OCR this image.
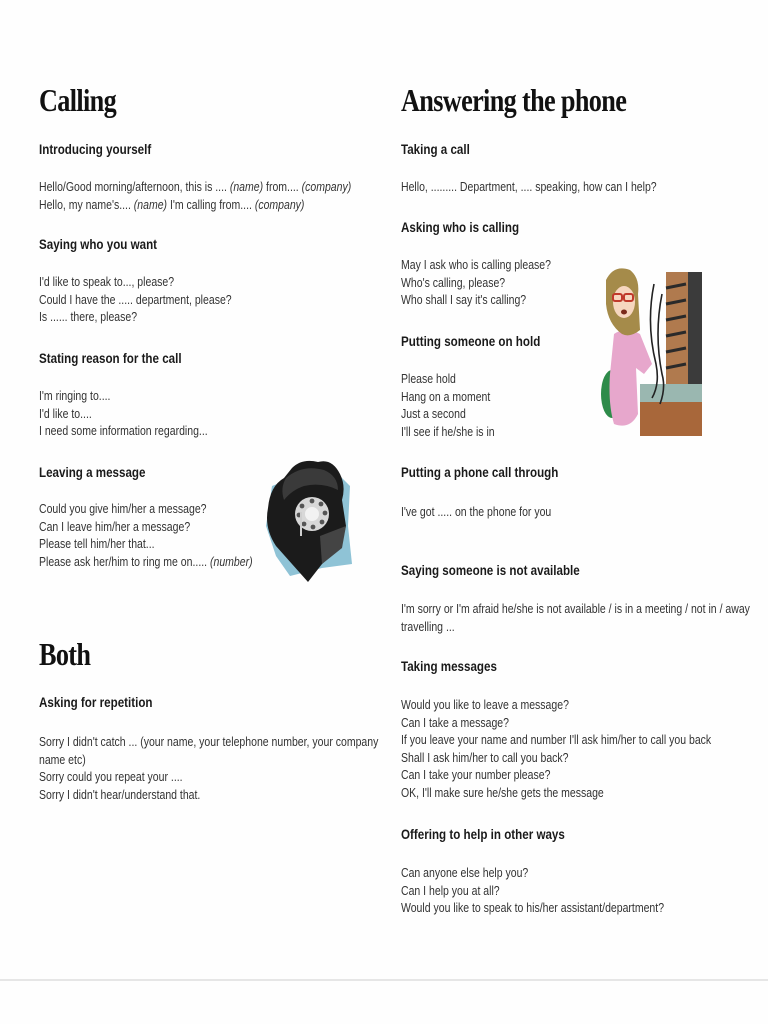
Calling
Introducing yourself
Hello/Good morning/afternoon, this is .... (name) from.... (company)
Hello, my name's.... (name) I'm calling from.... (company)
Saying who you want
I'd like to speak to..., please?
Could I have the ..... department, please?
Is ...... there, please?
Stating reason for the call
I'm ringing to....
I'd like to....
I need some information regarding...
Leaving a message
Could you give him/her a message?
Can I leave him/her a message?
Please tell him/her that...
Please ask her/him to ring me on..... (number)
Both
Asking for repetition
Sorry I didn't catch ... (your name, your telephone number, your company
name etc)
Sorry could you repeat your ....
Sorry I didn't hear/understand that.
Answering the phone
Taking a call
Hello, ......... Department, .... speaking, how can I help?
Asking who is calling
May I ask who is calling please?
Who's calling, please?
Who shall I say it's calling?
Putting someone on hold
Please hold
Hang on a moment
Just a second
I'll see if he/she is in
Putting a phone call through
I've got ..... on the phone for you
Saying someone is not available
I'm sorry or I'm afraid he/she is not available / is in a meeting / not in / away
travelling ...
Taking messages
Would you like to leave a message?
Can I take a message?
If you leave your name and number I'll ask him/her to call you back
Shall I ask him/her to call you back?
Can I take your number please?
OK, I'll make sure he/she gets the message
Offering to help in other ways
Can anyone else help you?
Can I help you at all?
Would you like to speak to his/her assistant/department?
